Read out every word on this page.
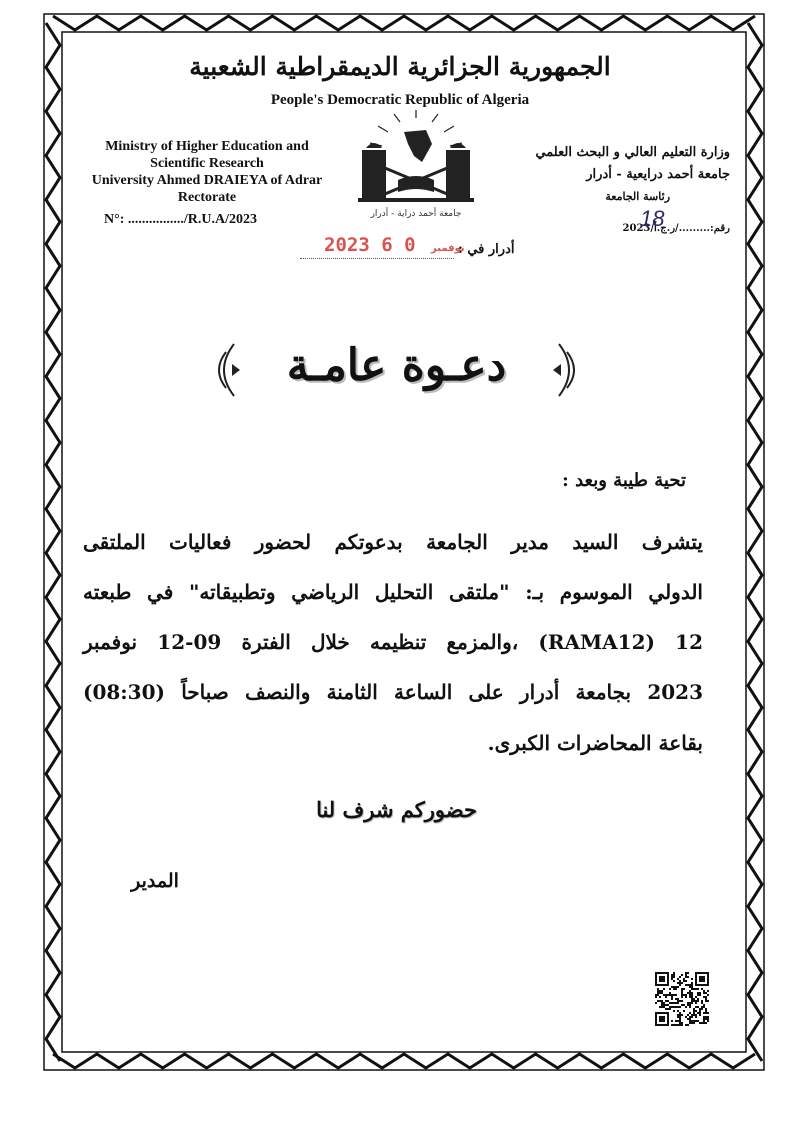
الجمهورية الجزائرية الديمقراطية الشعبية
People's Democratic Republic of Algeria
Ministry of Higher Education and
Scientific Research
University Ahmed DRAIEYA of Adrar
Rectorate
N°: ................/R.U.A/2023	جامعة أحمد دراية - أدرار
وزارة التعليم العالي و البحث العلمي
جامعة أحمد درايعية - أدرار
رئاسة الجامعة
رقم:........./ر.ج.أ/2023
18
أدرار في :
2023	نوفمبر 0 6
دعـوة عامـة
تحية طيبة وبعد :
يتشرف السيد مدير الجامعة بدعوتكم لحضور فعاليات الملتقى
الدولي الموسوم بـ: "ملتقى التحليل الرياضي وتطبيقاته" في طبعته
12 (RAMA12) ،والمزمع تنظيمه خلال الفترة 09-12 نوفمبر
2023 بجامعة أدرار على الساعة الثامنة والنصف صباحاً (08:30)
بقاعة المحاضرات الكبرى.
حضوركم شرف لنا
المدير
